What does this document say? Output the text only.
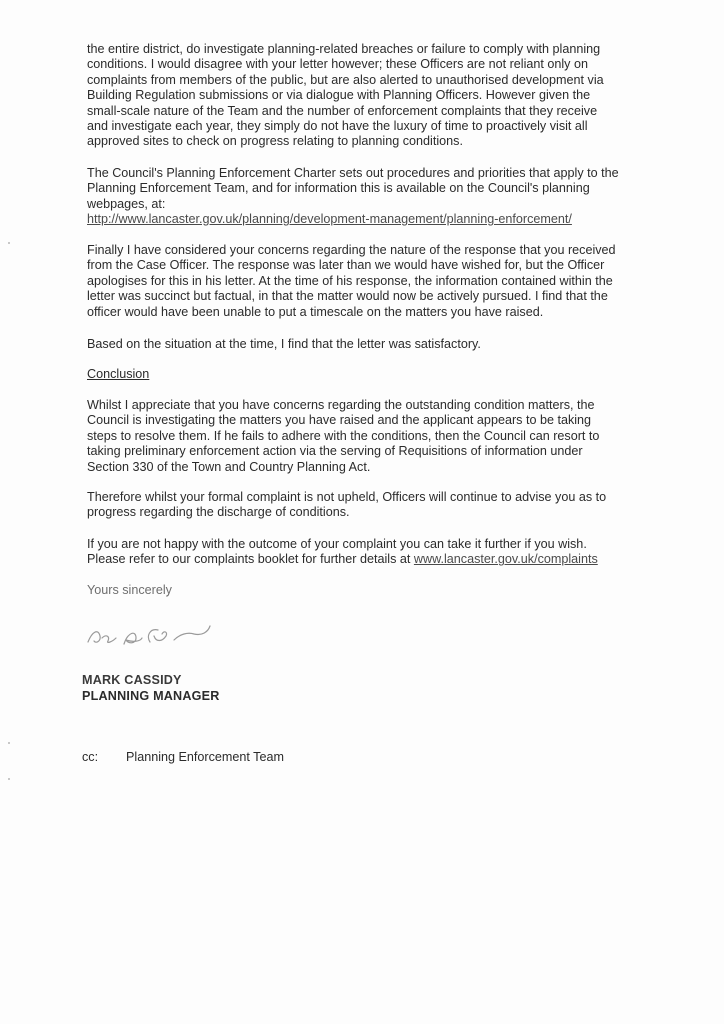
the entire district, do investigate planning-related breaches or failure to comply with planning
conditions. I would disagree with your letter however; these Officers are not reliant only on
complaints from members of the public, but are also alerted to unauthorised development via
Building Regulation submissions or via dialogue with Planning Officers. However given the
small-scale nature of the Team and the number of enforcement complaints that they receive
and investigate each year, they simply do not have the luxury of time to proactively visit all
approved sites to check on progress relating to planning conditions.
The Council's Planning Enforcement Charter sets out procedures and priorities that apply to the
Planning Enforcement Team, and for information this is available on the Council's planning
webpages, at:
http://www.lancaster.gov.uk/planning/development-management/planning-enforcement/
Finally I have considered your concerns regarding the nature of the response that you received
from the Case Officer. The response was later than we would have wished for, but the Officer
apologises for this in his letter. At the time of his response, the information contained within the
letter was succinct but factual, in that the matter would now be actively pursued. I find that the
officer would have been unable to put a timescale on the matters you have raised.
Based on the situation at the time, I find that the letter was satisfactory.
Conclusion
Whilst I appreciate that you have concerns regarding the outstanding condition matters, the
Council is investigating the matters you have raised and the applicant appears to be taking
steps to resolve them. If he fails to adhere with the conditions, then the Council can resort to
taking preliminary enforcement action via the serving of Requisitions of information under
Section 330 of the Town and Country Planning Act.
Therefore whilst your formal complaint is not upheld, Officers will continue to advise you as to
progress regarding the discharge of conditions.
If you are not happy with the outcome of your complaint you can take it further if you wish.
Please refer to our complaints booklet for further details at www.lancaster.gov.uk/complaints
Yours sincerely
MARK CASSIDY
PLANNING MANAGER
cc: Planning Enforcement Team
